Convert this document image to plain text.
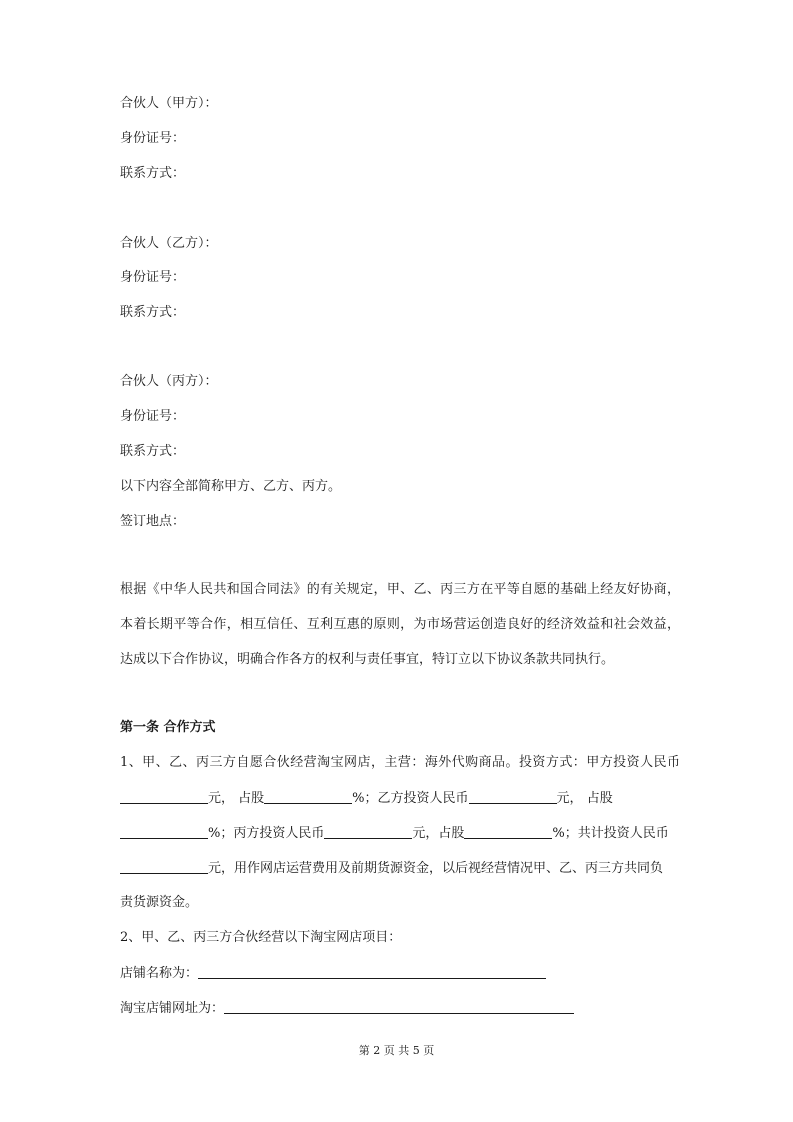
合伙人（甲方）：
身份证号：
联系方式：
合伙人（乙方）：
身份证号：
联系方式：
合伙人（丙方）：
身份证号：
联系方式：
以下内容全部简称甲方、乙方、丙方。
签订地点：
根据《中华人民共和国合同法》的有关规定，甲、乙、丙三方在平等自愿的基础上经友好协商，
本着长期平等合作，相互信任、互利互惠的原则，为市场营运创造良好的经济效益和社会效益，
达成以下合作协议，明确合作各方的权利与责任事宜，特订立以下协议条款共同执行。
第一条 合作方式
1、甲、乙、丙三方自愿合伙经营淘宝网店，主营：海外代购商品。投资方式：甲方投资人民币
元， 占股	%；乙方投资人民币	元， 占股
%；丙方投资人民币	元，占股	%；共计投资人民币
元，用作网店运营费用及前期货源资金，以后视经营情况甲、乙、丙三方共同负
责货源资金。
2、甲、乙、丙三方合伙经营以下淘宝网店项目：
店铺名称为：
淘宝店铺网址为：
第 2 页 共 5 页
